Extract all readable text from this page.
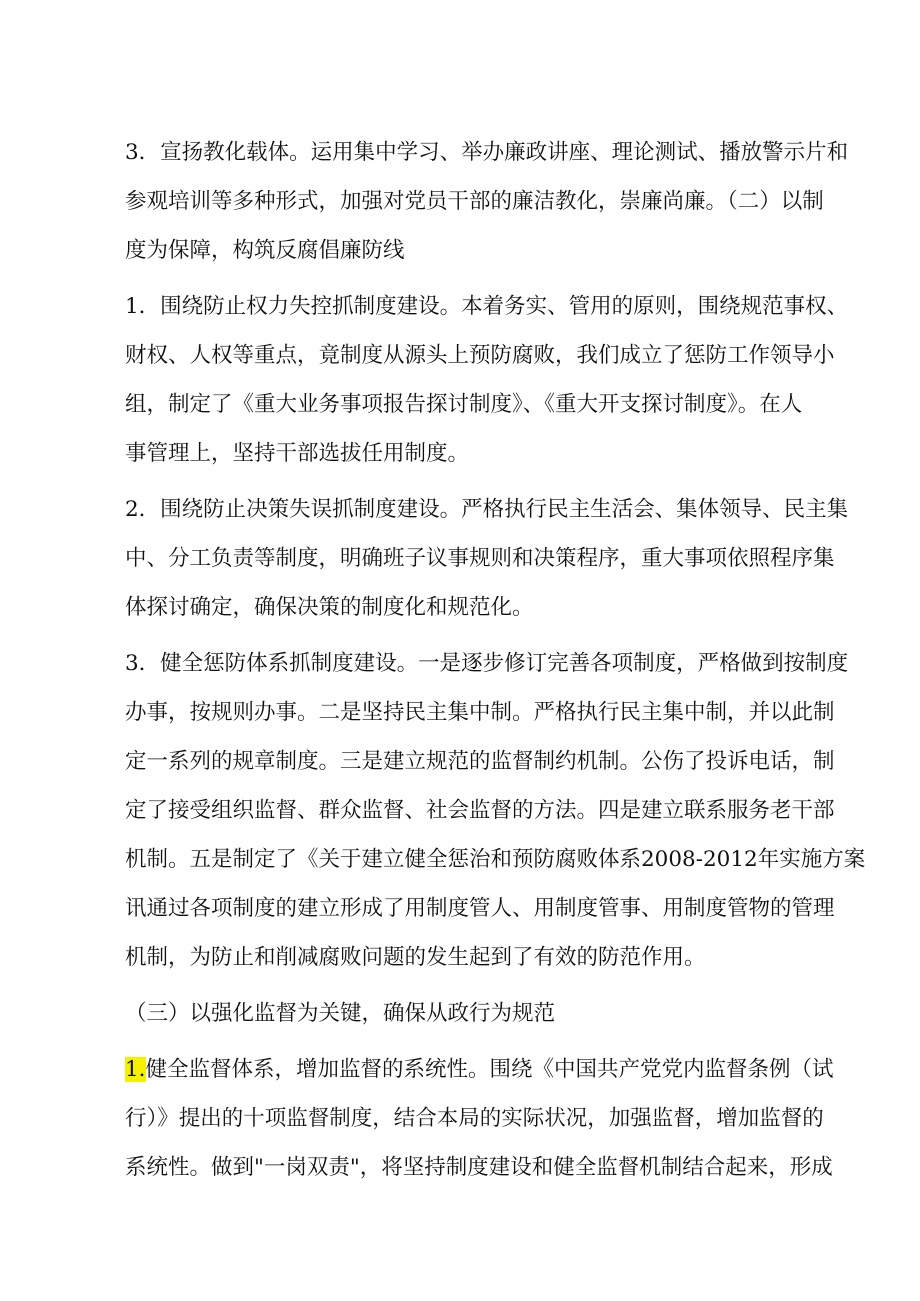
3．宣扬教化载体。运用集中学习、举办廉政讲座、理论测试、播放警示片和

参观培训等多种形式，加强对党员干部的廉洁教化，崇廉尚廉。（二）以制

度为保障，构筑反腐倡廉防线

1．围绕防止权力失控抓制度建设。本着务实、管用的原则，围绕规范事权、

财权、人权等重点，竟制度从源头上预防腐败，我们成立了惩防工作领导小

组，制定了《重大业务事项报告探讨制度》、《重大开支探讨制度》。在人

事管理上，坚持干部选拔任用制度。

2．围绕防止决策失误抓制度建设。严格执行民主生活会、集体领导、民主集

中、分工负责等制度，明确班子议事规则和决策程序，重大事项依照程序集

体探讨确定，确保决策的制度化和规范化。

3．健全惩防体系抓制度建设。一是逐步修订完善各项制度，严格做到按制度

办事，按规则办事。二是坚持民主集中制。严格执行民主集中制，并以此制

定一系列的规章制度。三是建立规范的监督制约机制。公伤了投诉电话，制

定了接受组织监督、群众监督、社会监督的方法。四是建立联系服务老干部

机制。五是制定了《关于建立健全惩治和预防腐败体系2008-2012年实施方案

讯通过各项制度的建立形成了用制度管人、用制度管事、用制度管物的管理

机制，为防止和削减腐败问题的发生起到了有效的防范作用。

（三）以强化监督为关键，确保从政行为规范

1.健全监督体系，增加监督的系统性。围绕《中国共产党党内监督条例（试

行）》提出的十项监督制度，结合本局的实际状况，加强监督，增加监督的

系统性。做到"一岗双责"，将坚持制度建设和健全监督机制结合起来，形成
